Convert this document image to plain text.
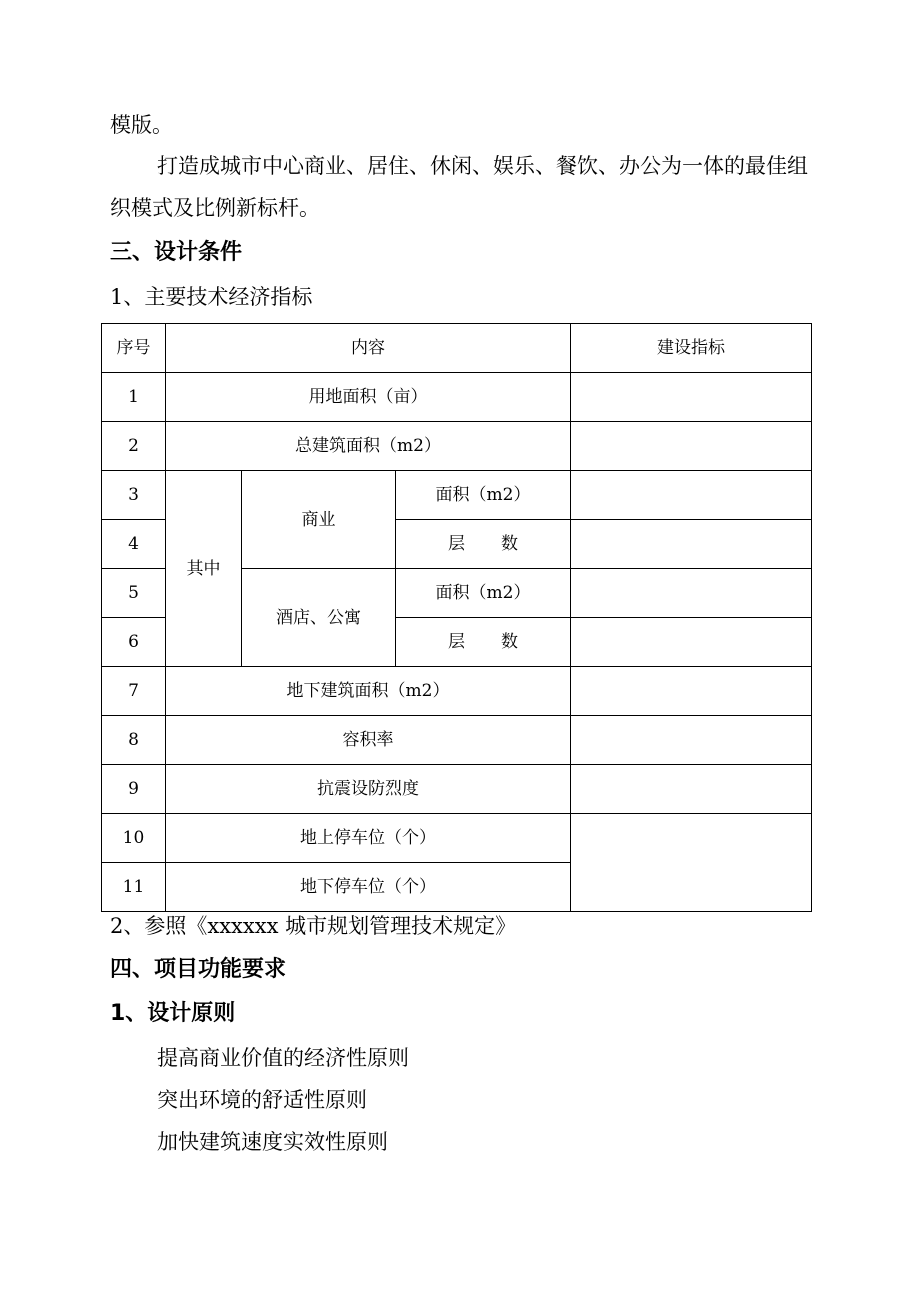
模版。
打造成城市中心商业、居住、休闲、娱乐、餐饮、办公为一体的最佳组
织模式及比例新标杆。
三、设计条件
1、主要技术经济指标
序号	内容			建设指标
1	用地面积（亩）			
2	总建筑面积（m2）			
3	其中	商业	面积（m2）	
4			层 数	
5		酒店、公寓	面积（m2）	
6			层 数	
7	地下建筑面积（m2）			
8	容积率			
9	抗震设防烈度			
10	地上停车位（个）			
11	地下停车位（个）			
2、参照《xxxxxx 城市规划管理技术规定》
四、项目功能要求
1、设计原则
提高商业价值的经济性原则
突出环境的舒适性原则
加快建筑速度实效性原则
